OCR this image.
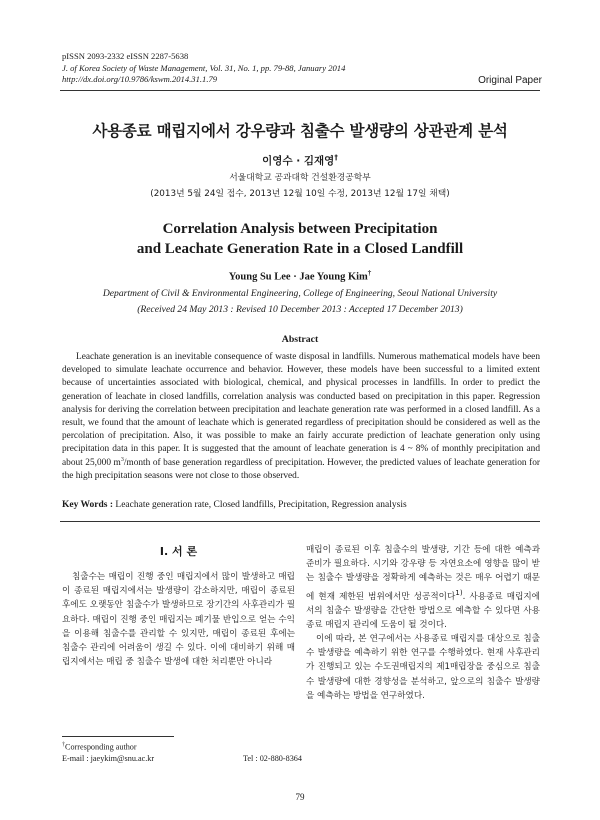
pISSN 2093-2332 eISSN 2287-5638
J. of Korea Society of Waste Management, Vol. 31, No. 1, pp. 79-88, January 2014
http://dx.doi.org/10.9786/kswm.2014.31.1.79	Original Paper
사용종료 매립지에서 강우량과 침출수 발생량의 상관관계 분석
이영수 · 김재영†
서울대학교 공과대학 건설환경공학부
(2013년 5월 24일 접수, 2013년 12월 10일 수정, 2013년 12월 17일 채택)
Correlation Analysis between Precipitation
and Leachate Generation Rate in a Closed Landfill
Young Su Lee · Jae Young Kim†
Department of Civil & Environmental Engineering, College of Engineering, Seoul National University
(Received 24 May 2013 : Revised 10 December 2013 : Accepted 17 December 2013)
Abstract
Leachate generation is an inevitable consequence of waste disposal in landfills. Numerous mathematical models have been developed to simulate leachate occurrence and behavior. However, these models have been successful to a limited extent because of uncertainties associated with biological, chemical, and physical processes in landfills. In order to predict the generation of leachate in closed landfills, correlation analysis was conducted based on precipitation in this paper. Regression analysis for deriving the correlation between precipitation and leachate generation rate was performed in a closed landfill. As a result, we found that the amount of leachate which is generated regardless of precipitation should be considered as well as the percolation of precipitation. Also, it was possible to make an fairly accurate prediction of leachate generation only using precipitation data in this paper. It is suggested that the amount of leachate generation is 4 ~ 8% of monthly precipitation and about 25,000 $m^3$/month of base generation regardless of precipitation. However, the predicted values of leachate generation for the high precipitation seasons were not close to those observed.
Key Words : Leachate generation rate, Closed landfills, Precipitation, Regression analysis
I. 서 론

침출수는 매립이 진행 중인 매립지에서 많이 발생하고 매립이 종료된 매립지에서는 발생량이 감소하지만, 매립이 종료된 후에도 오랫동안 침출수가 발생하므로 장기간의 사후관리가 필요하다. 매립이 진행 중인 매립지는 폐기물 반입으로 얻는 수익을 이용해 침출수를 관리할 수 있지만, 매립이 종료된 후에는 침출수 관리에 어려움이 생길 수 있다. 이에 대비하기 위해 매립지에서는 매립 중 침출수 발생에 대한 처리뿐만 아니라

매립이 종료된 이후 침출수의 발생량, 기간 등에 대한 예측과 준비가 필요하다. 시기와 강우량 등 자연요소에 영향을 많이 받는 침출수 발생량을 정확하게 예측하는 것은 매우 어렵기 때문에 현재 제한된 범위에서만 성공적이다$^{1)}$. 사용종료 매립지에서의 침출수 발생량을 간단한 방법으로 예측할 수 있다면 사용종료 매립지 관리에 도움이 될 것이다.

이에 따라, 본 연구에서는 사용종료 매립지를 대상으로 침출수 발생량을 예측하기 위한 연구를 수행하였다. 현재 사후관리가 진행되고 있는 수도권매립지의 제1매립장을 중심으로 침출수 발생량에 대한 경향성을 분석하고, 앞으로의 침출수 발생량을 예측하는 방법을 연구하였다.

†Corresponding author
E-mail : jaeykim@snu.ac.kr	Tel : 02-880-8364
79
